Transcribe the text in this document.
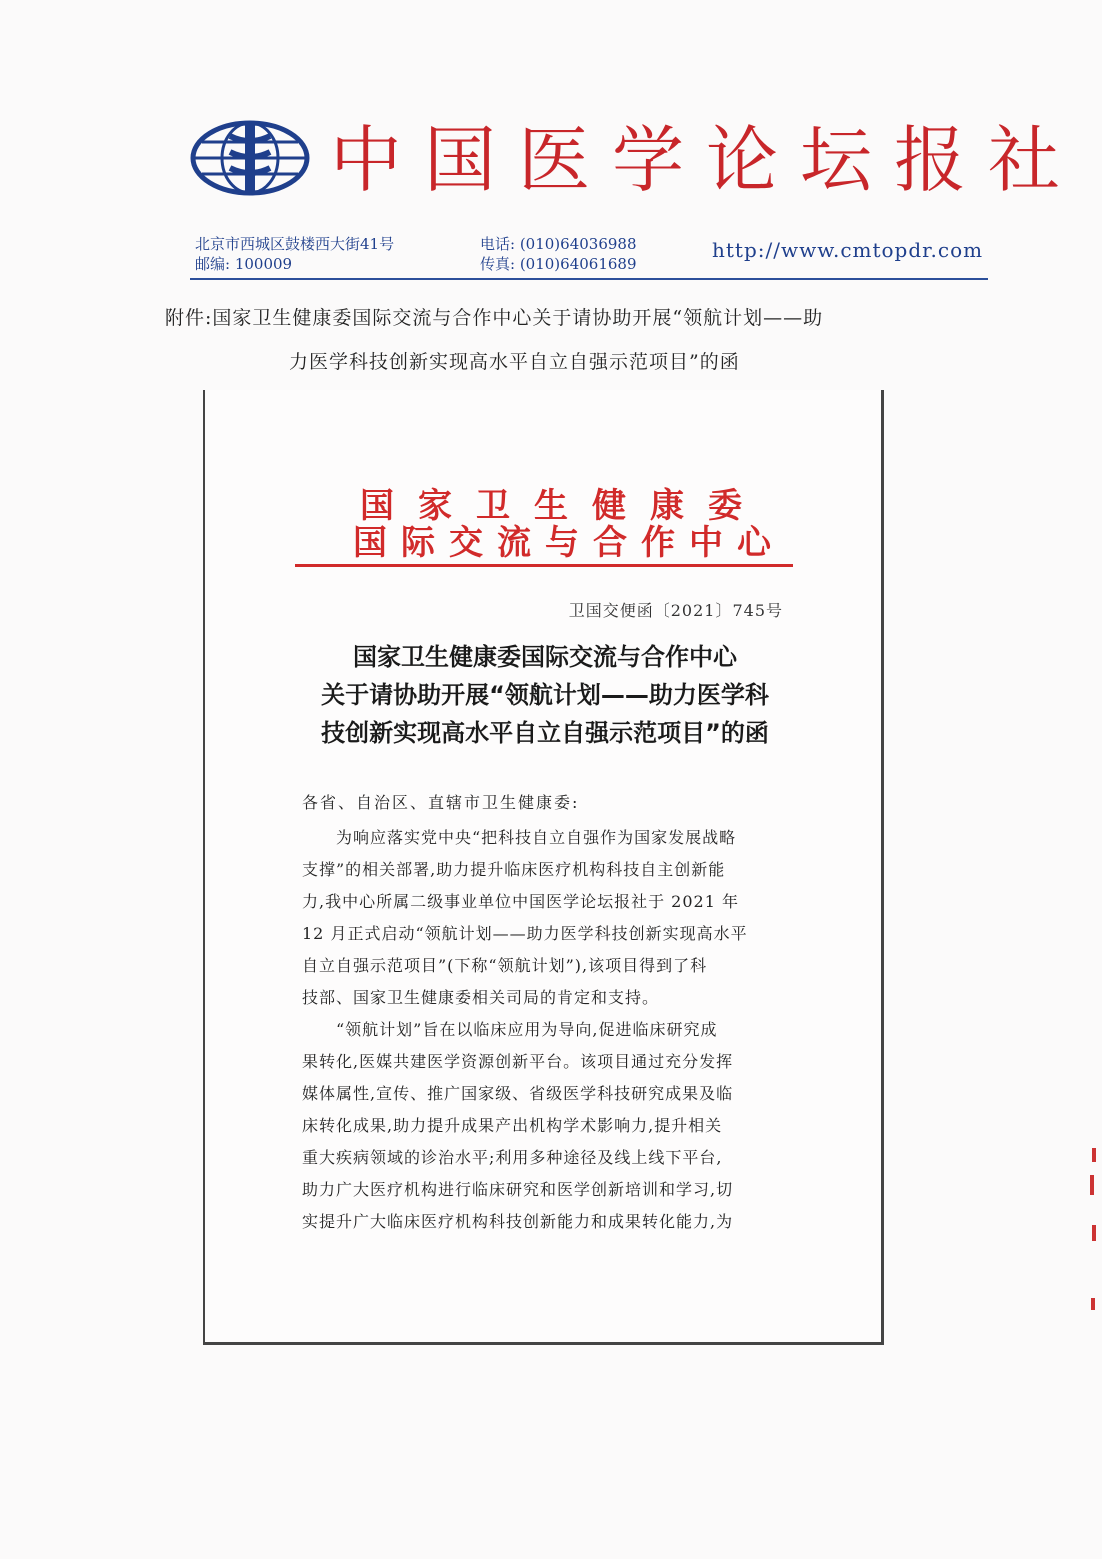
中国医学论坛报社
北京市西城区鼓楼西大街41号
邮编: 100009
电话: (010)64036988
传真: (010)64061689
http://www.cmtopdr.com
附件:国家卫生健康委国际交流与合作中心关于请协助开展“领航计划——助
力医学科技创新实现高水平自立自强示范项目”的函
国家卫生健康委
国际交流与合作中心
卫国交便函〔2021〕745号
国家卫生健康委国际交流与合作中心
关于请协助开展“领航计划——助力医学科
技创新实现高水平自立自强示范项目”的函
各省、自治区、直辖市卫生健康委:
　　为响应落实党中央“把科技自立自强作为国家发展战略
支撑”的相关部署,助力提升临床医疗机构科技自主创新能
力,我中心所属二级事业单位中国医学论坛报社于 2021 年
12 月正式启动“领航计划——助力医学科技创新实现高水平
自立自强示范项目”(下称“领航计划”),该项目得到了科
技部、国家卫生健康委相关司局的肯定和支持。
　　“领航计划”旨在以临床应用为导向,促进临床研究成
果转化,医媒共建医学资源创新平台。该项目通过充分发挥
媒体属性,宣传、推广国家级、省级医学科技研究成果及临
床转化成果,助力提升成果产出机构学术影响力,提升相关
重大疾病领域的诊治水平;利用多种途径及线上线下平台,
助力广大医疗机构进行临床研究和医学创新培训和学习,切
实提升广大临床医疗机构科技创新能力和成果转化能力,为
